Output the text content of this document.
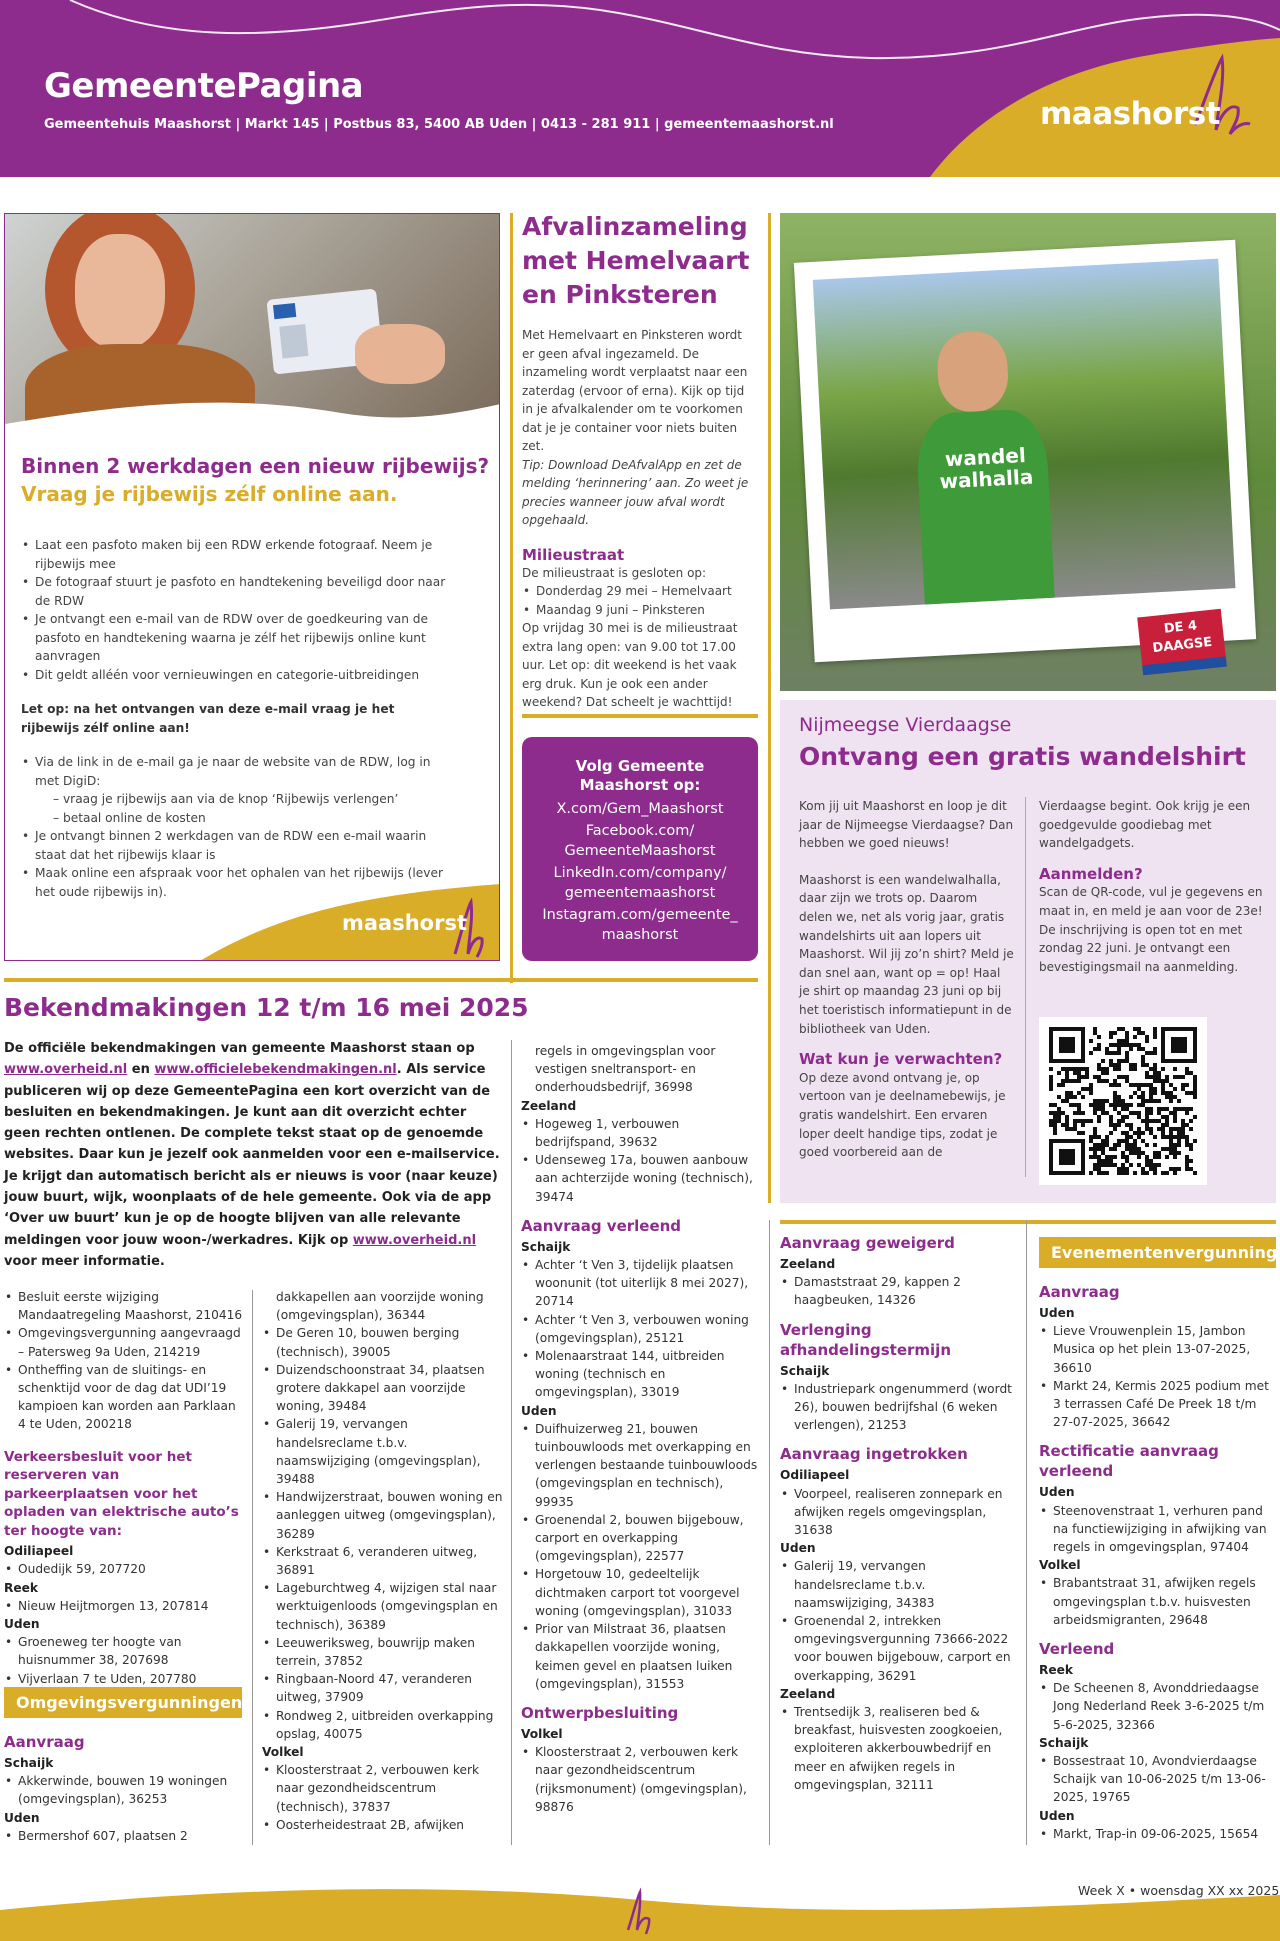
GemeentePagina
Gemeentehuis Maashorst | Markt 145 | Postbus 83, 5400 AB Uden | 0413 - 281 911 | gemeentemaashorst.nl	maashorst
Binnen 2 werkdagen een nieuw rijbewijs?
Vraag je rijbewijs zélf online aan.
• Laat een pasfoto maken bij een RDW erkende fotograaf. Neem je rijbewijs mee
• De fotograaf stuurt je pasfoto en handtekening beveiligd door naar de RDW
• Je ontvangt een e-mail van de RDW over de goedkeuring van de pasfoto en handtekening waarna je zélf het rijbewijs online kunt aanvragen
• Dit geldt alléén voor vernieuwingen en categorie-uitbreidingen
Let op: na het ontvangen van deze e-mail vraag je het rijbewijs zélf online aan!
• Via de link in de e-mail ga je naar de website van de RDW, log in met DigiD:
– vraag je rijbewijs aan via de knop ‘Rijbewijs verlengen’
– betaal online de kosten
• Je ontvangt binnen 2 werkdagen van de RDW een e-mail waarin staat dat het rijbewijs klaar is
• Maak online een afspraak voor het ophalen van het rijbewijs (lever het oude rijbewijs in).
maashorst
Afvalinzameling met Hemelvaart en Pinksteren
Met Hemelvaart en Pinksteren wordt er geen afval ingezameld. De inzameling wordt verplaatst naar een zaterdag (ervoor of erna). Kijk op tijd in je afvalkalender om te voorkomen dat je je container voor niets buiten zet.
Tip: Download DeAfvalApp en zet de melding ‘herinnering’ aan. Zo weet je precies wanneer jouw afval wordt opgehaald.
Milieustraat
De milieustraat is gesloten op:
• Donderdag 29 mei – Hemelvaart
• Maandag 9 juni – Pinksteren
Op vrijdag 30 mei is de milieustraat extra lang open: van 9.00 tot 17.00 uur. Let op: dit weekend is het vaak erg druk. Kun je ook een ander weekend? Dat scheelt je wachttijd!
Volg Gemeente Maashorst op:
X.com/Gem_Maashorst
Facebook.com/ GemeenteMaashorst
LinkedIn.com/company/ gemeentemaashorst
Instagram.com/gemeente_ maashorst
wandel
walhalla
DE 4 DAAGSE
Nijmeegse Vierdaagse
Ontvang een gratis wandelshirt
Kom jij uit Maashorst en loop je dit jaar de Nijmeegse Vierdaagse? Dan hebben we goed nieuws!
Maashorst is een wandelwalhalla, daar zijn we trots op. Daarom delen we, net als vorig jaar, gratis wandelshirts uit aan lopers uit Maashorst. Wil jij zo’n shirt? Meld je dan snel aan, want op = op! Haal je shirt op maandag 23 juni op bij het toeristisch informatiepunt in de bibliotheek van Uden.
Wat kun je verwachten?
Op deze avond ontvang je, op vertoon van je deelnamebewijs, je gratis wandelshirt. Een ervaren loper deelt handige tips, zodat je goed voorbereid aan de
Vierdaagse begint. Ook krijg je een goedgevulde goodiebag met wandelgadgets.
Aanmelden?
Scan de QR-code, vul je gegevens en maat in, en meld je aan voor de 23e! De inschrijving is open tot en met zondag 22 juni. Je ontvangt een bevestigingsmail na aanmelding.
Bekendmakingen 12 t/m 16 mei 2025
De officiële bekendmakingen van gemeente Maashorst staan op www.overheid.nl en www.officielebekendmakingen.nl. Als service publiceren wij op deze GemeentePagina een kort overzicht van de besluiten en bekendmakingen. Je kunt aan dit overzicht echter geen rechten ontlenen. De complete tekst staat op de genoemde websites. Daar kun je jezelf ook aanmelden voor een e-mailservice. Je krijgt dan automatisch bericht als er nieuws is voor (naar keuze) jouw buurt, wijk, woonplaats of de hele gemeente. Ook via de app ‘Over uw buurt’ kun je op de hoogte blijven van alle relevante meldingen voor jouw woon-/werkadres. Kijk op www.overheid.nl voor meer informatie.
• Besluit eerste wijziging Mandaatregeling Maashorst, 210416
• Omgevingsvergunning aangevraagd – Patersweg 9a Uden, 214219
• Ontheffing van de sluitings- en schenktijd voor de dag dat UDI’19 kampioen kan worden aan Parklaan 4 te Uden, 200218
Verkeersbesluit voor het reserveren van parkeerplaatsen voor het opladen van elektrische auto’s ter hoogte van:
Odiliapeel
• Oudedijk 59, 207720
Reek
• Nieuw Heijtmorgen 13, 207814
Uden
• Groeneweg ter hoogte van huisnummer 38, 207698
• Vijverlaan 7 te Uden, 207780
Omgevingsvergunningen
Aanvraag
Schaijk
• Akkerwinde, bouwen 19 woningen (omgevingsplan), 36253
Uden
• Bermershof 607, plaatsen 2
dakkapellen aan voorzijde woning (omgevingsplan), 36344
• De Geren 10, bouwen berging (technisch), 39005
• Duizendschoonstraat 34, plaatsen grotere dakkapel aan voorzijde woning, 39484
• Galerij 19, vervangen handelsreclame t.b.v. naamswijziging (omgevingsplan), 39488
• Handwijzerstraat, bouwen woning en aanleggen uitweg (omgevingsplan), 36289
• Kerkstraat 6, veranderen uitweg, 36891
• Lageburchtweg 4, wijzigen stal naar werktuigenloods (omgevingsplan en technisch), 36389
• Leeuweriksweg, bouwrijp maken terrein, 37852
• Ringbaan-Noord 47, veranderen uitweg, 37909
• Rondweg 2, uitbreiden overkapping opslag, 40075
Volkel
• Kloosterstraat 2, verbouwen kerk naar gezondheidscentrum (technisch), 37837
• Oosterheidestraat 2B, afwijken
regels in omgevingsplan voor vestigen sneltransport- en onderhoudsbedrijf, 36998
Zeeland
• Hogeweg 1, verbouwen bedrijfspand, 39632
• Udenseweg 17a, bouwen aanbouw aan achterzijde woning (technisch), 39474
Aanvraag verleend
Schaijk
• Achter ‘t Ven 3, tijdelijk plaatsen woonunit (tot uiterlijk 8 mei 2027), 20714
• Achter ‘t Ven 3, verbouwen woning (omgevingsplan), 25121
• Molenaarstraat 144, uitbreiden woning (technisch en omgevingsplan), 33019
Uden
• Duifhuizerweg 21, bouwen tuinbouwloods met overkapping en verlengen bestaande tuinbouwloods (omgevingsplan en technisch), 99935
• Groenendal 2, bouwen bijgebouw, carport en overkapping (omgevingsplan), 22577
• Horgetouw 10, gedeeltelijk dichtmaken carport tot voorgevel woning (omgevingsplan), 31033
• Prior van Milstraat 36, plaatsen dakkapellen voorzijde woning, keimen gevel en plaatsen luiken (omgevingsplan), 31553
Ontwerpbesluiting
Volkel
• Kloosterstraat 2, verbouwen kerk naar gezondheidscentrum (rijksmonument) (omgevingsplan), 98876
Aanvraag geweigerd
Zeeland
• Damaststraat 29, kappen 2 haagbeuken, 14326
Verlenging afhandelingstermijn
Schaijk
• Industriepark ongenummerd (wordt 26), bouwen bedrijfshal (6 weken verlengen), 21253
Aanvraag ingetrokken
Odiliapeel
• Voorpeel, realiseren zonnepark en afwijken regels omgevingsplan, 31638
Uden
• Galerij 19, vervangen handelsreclame t.b.v. naamswijziging, 34383
• Groenendal 2, intrekken omgevingsvergunning 73666-2022 voor bouwen bijgebouw, carport en overkapping, 36291
Zeeland
• Trentsedijk 3, realiseren bed & breakfast, huisvesten zoogkoeien, exploiteren akkerbouwbedrijf en meer en afwijken regels in omgevingsplan, 32111
Evenementenvergunning
Aanvraag
Uden
• Lieve Vrouwenplein 15, Jambon Musica op het plein 13-07-2025, 36610
• Markt 24, Kermis 2025 podium met 3 terrassen Café De Preek 18 t/m 27-07-2025, 36642
Rectificatie aanvraag verleend
Uden
• Steenovenstraat 1, verhuren pand na functiewijziging in afwijking van regels in omgevingsplan, 97404
Volkel
• Brabantstraat 31, afwijken regels omgevingsplan t.b.v. huisvesten arbeidsmigranten, 29648
Verleend
Reek
• De Scheenen 8, Avonddriedaagse Jong Nederland Reek 3-6-2025 t/m 5-6-2025, 32366
Schaijk
• Bossestraat 10, Avondvierdaagse Schaijk van 10-06-2025 t/m 13-06-2025, 19765
Uden
• Markt, Trap-in 09-06-2025, 15654
Week X • woensdag XX xx 2025
